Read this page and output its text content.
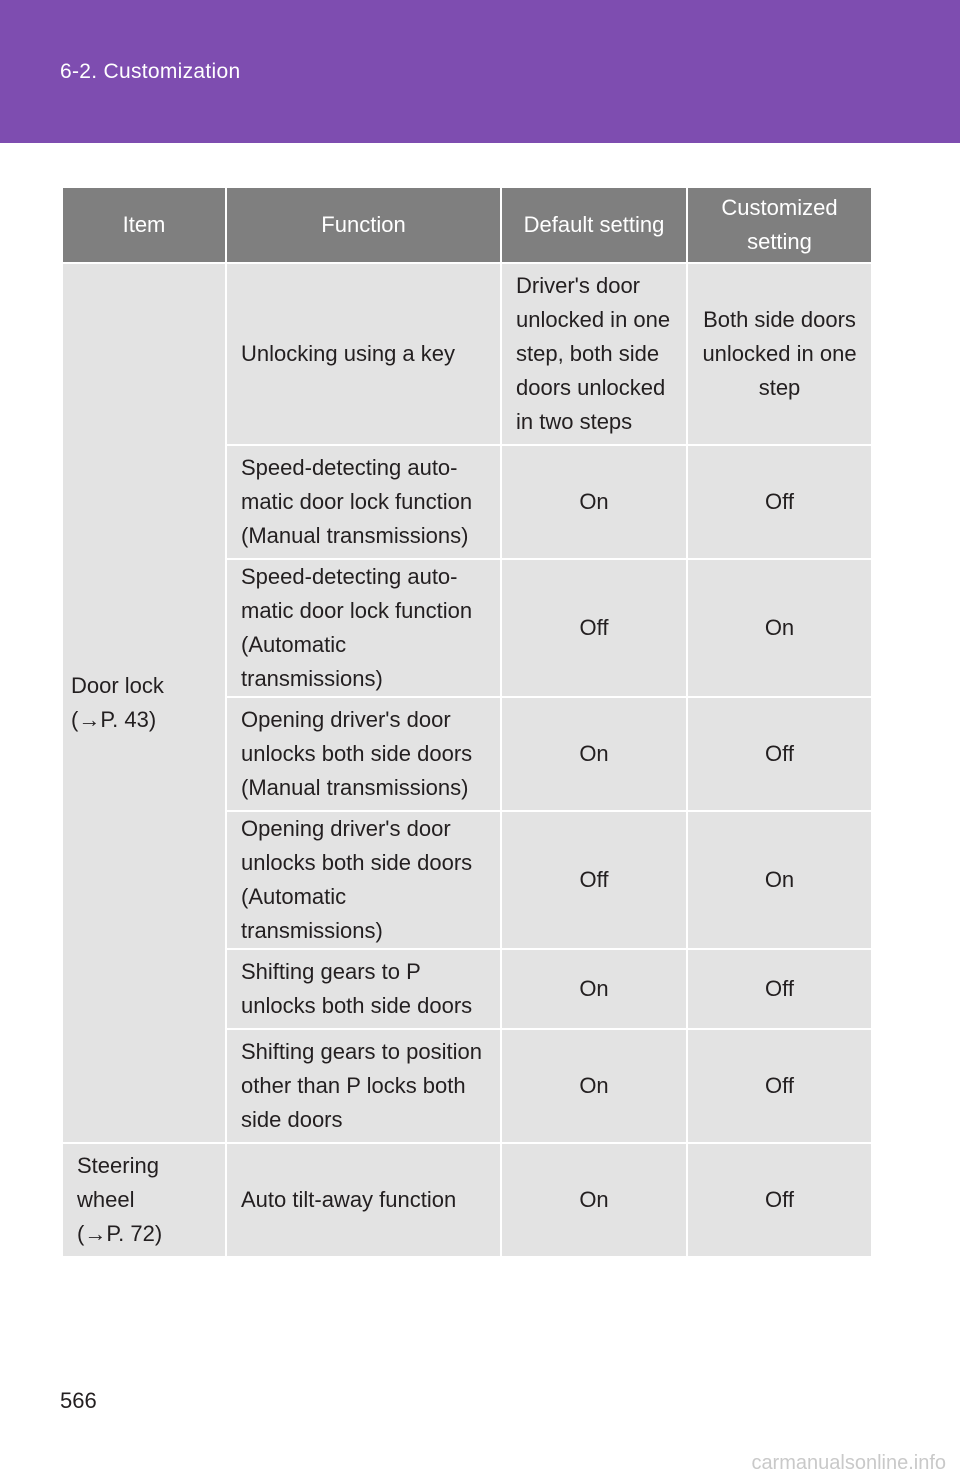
6-2. Customization
Item	Function	Default setting	Customized
setting
Door lock
(→P. 43)	Unlocking using a key	Driver's door
unlocked in one
step, both side
doors unlocked
in two steps	Both side doors
unlocked in one
step
	Speed-detecting auto-
matic door lock function
(Manual transmissions)	On	Off
	Speed-detecting auto-
matic door lock function
(Automatic transmissions)	Off	On
	Opening driver's door
unlocks both side doors
(Manual transmissions)	On	Off
	Opening driver's door
unlocks both side doors
(Automatic transmissions)	Off	On
	Shifting gears to P
unlocks both side doors	On	Off
	Shifting gears to position
other than P locks both
side doors	On	Off
Steering
wheel
(→P. 72)	Auto tilt-away function	On	Off
566
carmanualsonline.info
